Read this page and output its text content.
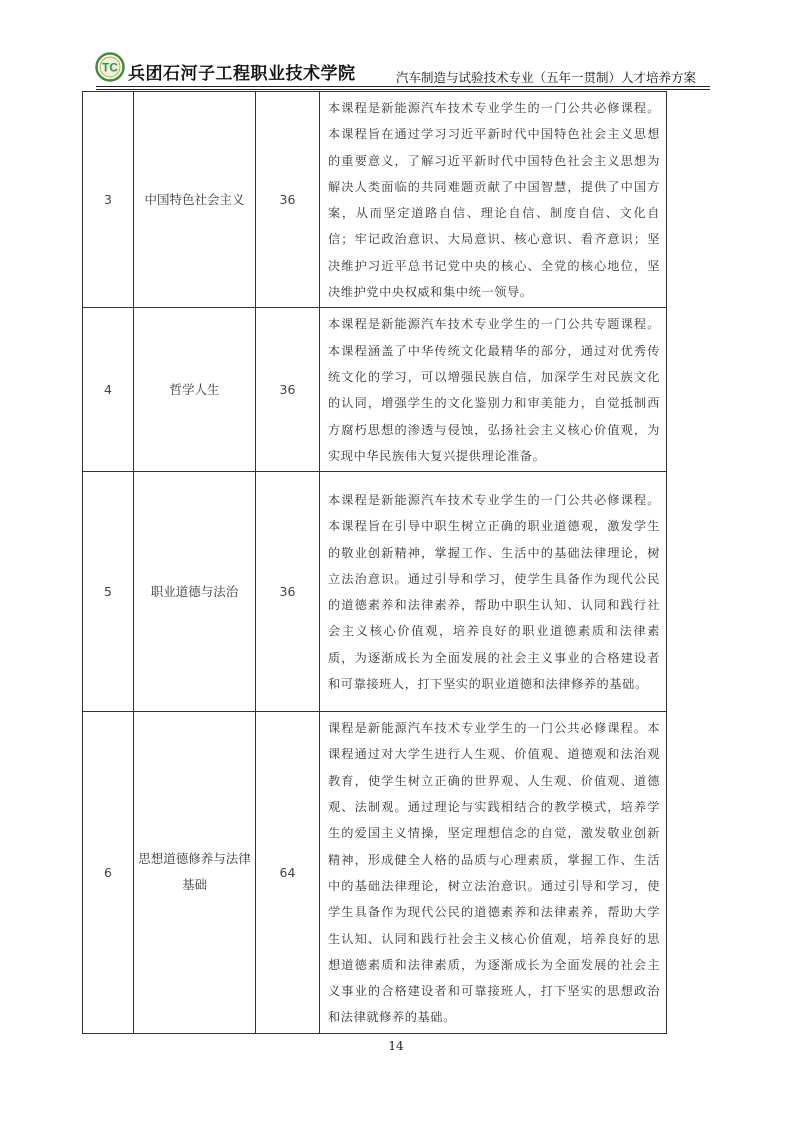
TC 兵团石河子工程职业技术学院	汽车制造与试验技术专业（五年一贯制）人才培养方案
3	中国特色社会主义	36	本课程是新能源汽车技术专业学生的一门公共必修课程。本课程旨在通过学习习近平新时代中国特色社会主义思想的重要意义，了解习近平新时代中国特色社会主义思想为解决人类面临的共同难题贡献了中国智慧，提供了中国方案，从而坚定道路自信、理论自信、制度自信、文化自信；牢记政治意识、大局意识、核心意识、看齐意识；坚决维护习近平总书记党中央的核心、全党的核心地位，坚决维护党中央权威和集中统一领导。

4	哲学人生	36	本课程是新能源汽车技术专业学生的一门公共专题课程。本课程涵盖了中华传统文化最精华的部分，通过对优秀传统文化的学习，可以增强民族自信，加深学生对民族文化的认同，增强学生的文化鉴别力和审美能力，自觉抵制西方腐朽思想的渗透与侵蚀，弘扬社会主义核心价值观，为实现中华民族伟大复兴提供理论准备。

5	职业道德与法治	36	本课程是新能源汽车技术专业学生的一门公共必修课程。本课程旨在引导中职生树立正确的职业道德观，激发学生的敬业创新精神，掌握工作、生活中的基础法律理论，树立法治意识。通过引导和学习，使学生具备作为现代公民的道德素养和法律素养，帮助中职生认知、认同和践行社会主义核心价值观，培养良好的职业道德素质和法律素质，为逐渐成长为全面发展的社会主义事业的合格建设者和可靠接班人，打下坚实的职业道德和法律修养的基础。

6	思想道德修养与法律基础	64	课程是新能源汽车技术专业学生的一门公共必修课程。本课程通过对大学生进行人生观、价值观、道德观和法治观教育，使学生树立正确的世界观、人生观、价值观、道德观、法制观。通过理论与实践相结合的教学模式，培养学生的爱国主义情操，坚定理想信念的自觉，激发敬业创新精神，形成健全人格的品质与心理素质，掌握工作、生活中的基础法律理论，树立法治意识。通过引导和学习，使学生具备作为现代公民的道德素养和法律素养，帮助大学生认知、认同和践行社会主义核心价值观，培养良好的思想道德素质和法律素质，为逐渐成长为全面发展的社会主义事业的合格建设者和可靠接班人，打下坚实的思想政治和法律就修养的基础。
14
